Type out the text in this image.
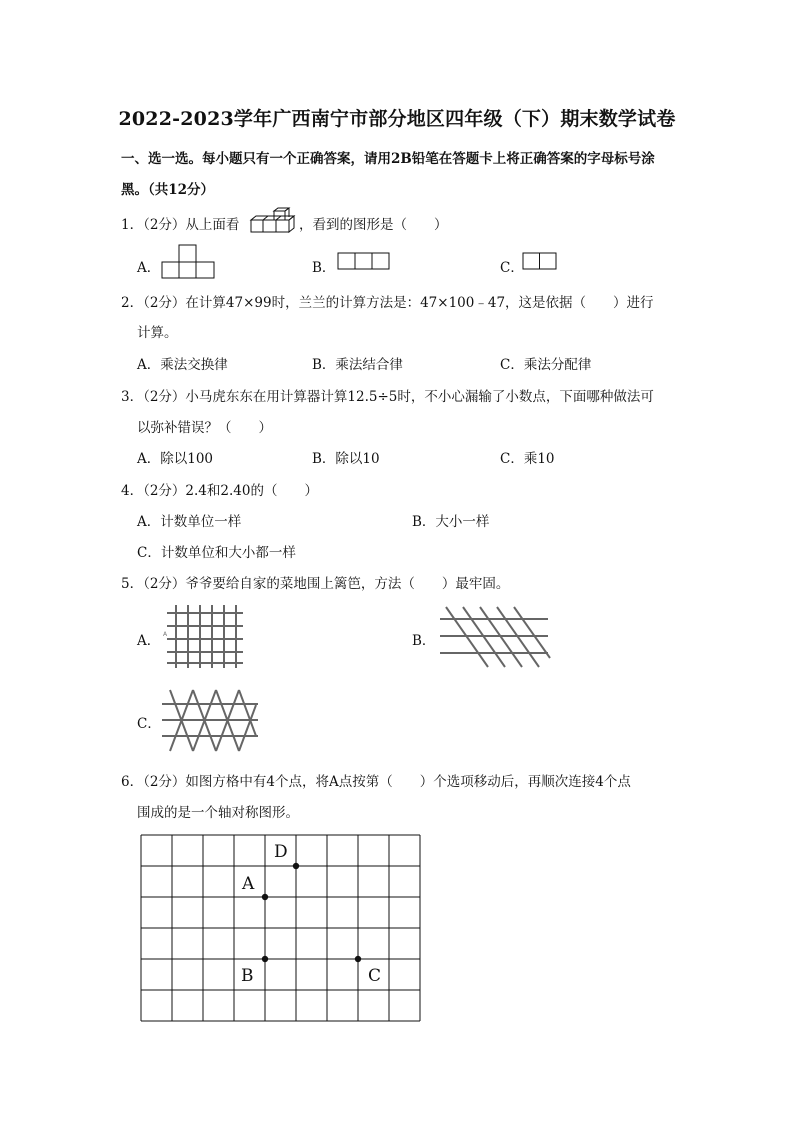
2022-2023学年广西南宁市部分地区四年级（下）期末数学试卷
一、选一选。每小题只有一个正确答案，请用2B铅笔在答题卡上将正确答案的字母标号涂
黑。（共12分）
1．（2分）从上面看	，看到的图形是（　　）
A．	B．	C．
2．（2分）在计算47×99时，兰兰的计算方法是：47×100﹣47，这是依据（　　）进行
计算。
A．乘法交换律	B．乘法结合律	C．乘法分配律
3．（2分）小马虎东东在用计算器计算12.5÷5时，不小心漏输了小数点，下面哪种做法可
以弥补错误？（　　）
A．除以100	B．除以10	C．乘10
4．（2分）2.4和2.40的（　　）
A．计数单位一样	B．大小一样
C．计数单位和大小都一样
5．（2分）爷爷要给自家的菜地围上篱笆，方法（　　）最牢固。
A． A	B．
C．
6．（2分）如图方格中有4个点，将A点按第（　　）个选项移动后，再顺次连接4个点
围成的是一个轴对称图形。
D
A
B	C
